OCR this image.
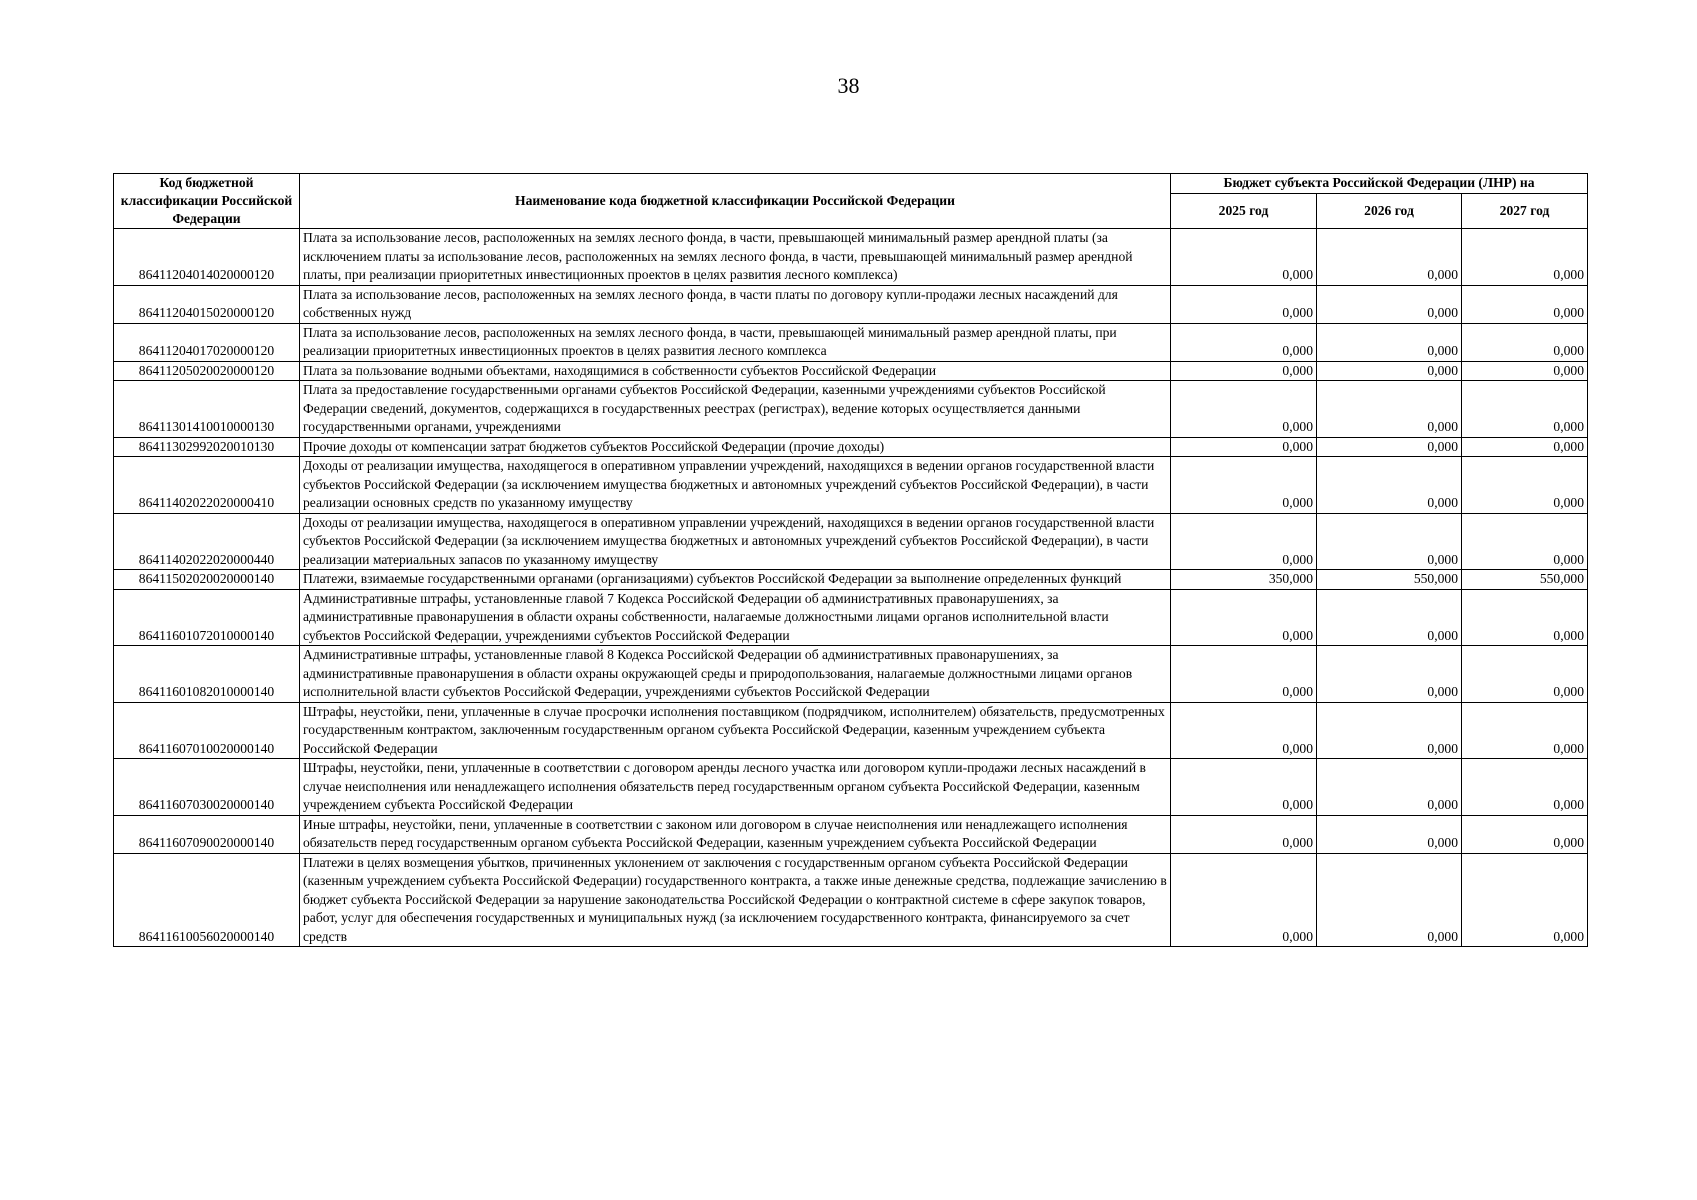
38
Код бюджетной классификации Российской Федерации	Наименование кода бюджетной классификации Российской Федерации	Бюджет субъекта Российской Федерации (ЛНР) на		
		2025 год	2026 год	2027 год
86411204014020000120	Плата за использование лесов, расположенных на землях лесного фонда, в части, превышающей минимальный размер арендной платы (за исключением платы за использование лесов, расположенных на землях лесного фонда, в части, превышающей минимальный размер арендной платы, при реализации приоритетных инвестиционных проектов в целях развития лесного комплекса)	0,000	0,000	0,000
86411204015020000120	Плата за использование лесов, расположенных на землях лесного фонда, в части платы по договору купли-продажи лесных насаждений для собственных нужд	0,000	0,000	0,000
86411204017020000120	Плата за использование лесов, расположенных на землях лесного фонда, в части, превышающей минимальный размер арендной платы, при реализации приоритетных инвестиционных проектов в целях развития лесного комплекса	0,000	0,000	0,000
86411205020020000120	Плата за пользование водными объектами, находящимися в собственности субъектов Российской Федерации	0,000	0,000	0,000
86411301410010000130	Плата за предоставление государственными органами субъектов Российской Федерации, казенными учреждениями субъектов Российской Федерации сведений, документов, содержащихся в государственных реестрах (регистрах), ведение которых осуществляется данными государственными органами, учреждениями	0,000	0,000	0,000
86411302992020010130	Прочие доходы от компенсации затрат бюджетов субъектов Российской Федерации (прочие доходы)	0,000	0,000	0,000
86411402022020000410	Доходы от реализации имущества, находящегося в оперативном управлении учреждений, находящихся в ведении органов государственной власти субъектов Российской Федерации (за исключением имущества бюджетных и автономных учреждений субъектов Российской Федерации), в части реализации основных средств по указанному имуществу	0,000	0,000	0,000
86411402022020000440	Доходы от реализации имущества, находящегося в оперативном управлении учреждений, находящихся в ведении органов государственной власти субъектов Российской Федерации (за исключением имущества бюджетных и автономных учреждений субъектов Российской Федерации), в части реализации материальных запасов по указанному имуществу	0,000	0,000	0,000
86411502020020000140	Платежи, взимаемые государственными органами (организациями) субъектов Российской Федерации за выполнение определенных функций	350,000	550,000	550,000
86411601072010000140	Административные штрафы, установленные главой 7 Кодекса Российской Федерации об административных правонарушениях, за административные правонарушения в области охраны собственности, налагаемые должностными лицами органов исполнительной власти субъектов Российской Федерации, учреждениями субъектов Российской Федерации	0,000	0,000	0,000
86411601082010000140	Административные штрафы, установленные главой 8 Кодекса Российской Федерации об административных правонарушениях, за административные правонарушения в области охраны окружающей среды и природопользования, налагаемые должностными лицами органов исполнительной власти субъектов Российской Федерации, учреждениями субъектов Российской Федерации	0,000	0,000	0,000
86411607010020000140	Штрафы, неустойки, пени, уплаченные в случае просрочки исполнения поставщиком (подрядчиком, исполнителем) обязательств, предусмотренных государственным контрактом, заключенным государственным органом субъекта Российской Федерации, казенным учреждением субъекта Российской Федерации	0,000	0,000	0,000
86411607030020000140	Штрафы, неустойки, пени, уплаченные в соответствии с договором аренды лесного участка или договором купли-продажи лесных насаждений в случае неисполнения или ненадлежащего исполнения обязательств перед государственным органом субъекта Российской Федерации, казенным учреждением субъекта Российской Федерации	0,000	0,000	0,000
86411607090020000140	Иные штрафы, неустойки, пени, уплаченные в соответствии с законом или договором в случае неисполнения или ненадлежащего исполнения обязательств перед государственным органом субъекта Российской Федерации, казенным учреждением субъекта Российской Федерации	0,000	0,000	0,000
86411610056020000140	Платежи в целях возмещения убытков, причиненных уклонением от заключения с государственным органом субъекта Российской Федерации (казенным учреждением субъекта Российской Федерации) государственного контракта, а также иные денежные средства, подлежащие зачислению в бюджет субъекта Российской Федерации за нарушение законодательства Российской Федерации о контрактной системе в сфере закупок товаров, работ, услуг для обеспечения государственных и муниципальных нужд (за исключением государственного контракта, финансируемого за счет средств	0,000	0,000	0,000
